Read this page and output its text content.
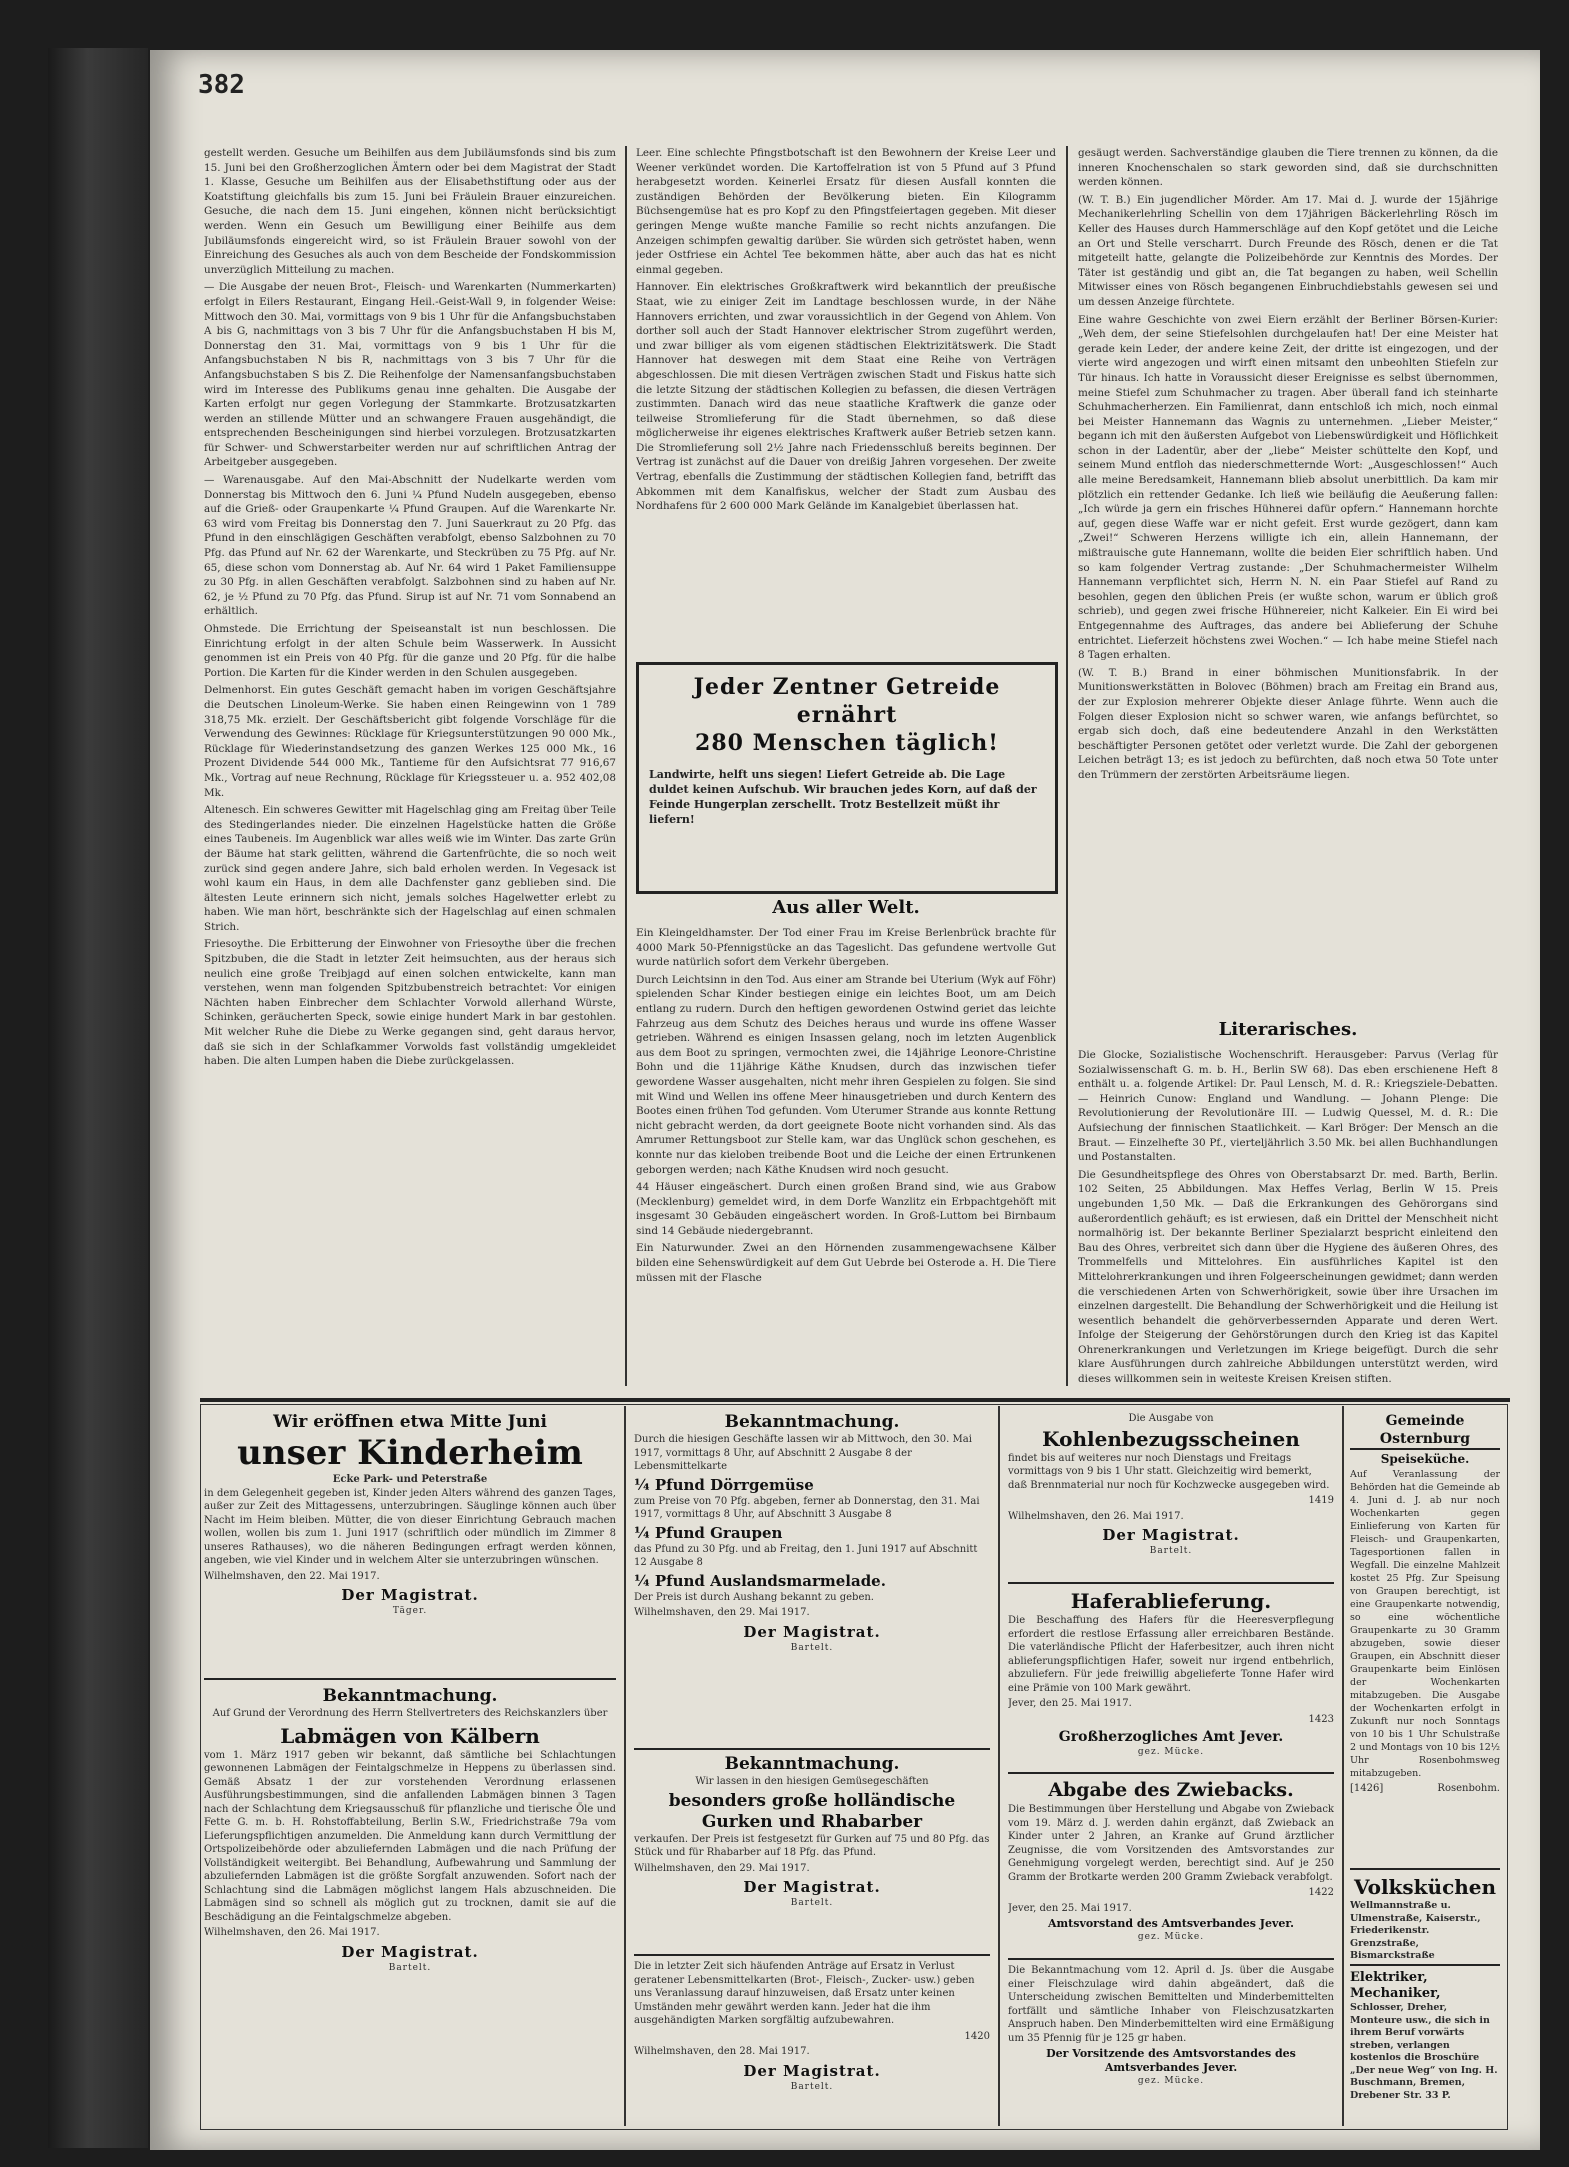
382

gestellt werden. Gesuche um Beihilfen aus dem Jubiläumsfonds sind bis zum 15. Juni bei den Großherzoglichen Ämtern oder bei dem Magistrat der Stadt 1. Klasse, Gesuche um Beihilfen aus der Elisabethstiftung oder aus der Koatstiftung gleichfalls bis zum 15. Juni bei Fräulein Brauer einzureichen. Gesuche, die nach dem 15. Juni eingehen, können nicht berücksichtigt werden. Wenn ein Gesuch um Bewilligung einer Beihilfe aus dem Jubiläumsfonds eingereicht wird, so ist Fräulein Brauer sowohl von der Einreichung des Gesuches als auch von dem Bescheide der Fondskommission unverzüglich Mitteilung zu machen.

— Die Ausgabe der neuen Brot-, Fleisch- und Warenkarten (Nummerkarten) erfolgt in Eilers Restaurant, Eingang Heil.-Geist-Wall 9, in folgender Weise: Mittwoch den 30. Mai, vormittags von 9 bis 1 Uhr für die Anfangsbuchstaben A bis G, nachmittags von 3 bis 7 Uhr für die Anfangsbuchstaben H bis M, Donnerstag den 31. Mai, vormittags von 9 bis 1 Uhr für die Anfangsbuchstaben N bis R, nachmittags von 3 bis 7 Uhr für die Anfangsbuchstaben S bis Z. Die Reihenfolge der Namensanfangsbuchstaben wird im Interesse des Publikums genau inne gehalten. Die Ausgabe der Karten erfolgt nur gegen Vorlegung der Stammkarte. Brotzusatzkarten werden an stillende Mütter und an schwangere Frauen ausgehändigt, die entsprechenden Bescheinigungen sind hierbei vorzulegen. Brotzusatzkarten für Schwer- und Schwerstarbeiter werden nur auf schriftlichen Antrag der Arbeitgeber ausgegeben.

— Warenausgabe. Auf den Mai-Abschnitt der Nudelkarte werden vom Donnerstag bis Mittwoch den 6. Juni ¼ Pfund Nudeln ausgegeben, ebenso auf die Grieß- oder Graupenkarte ¼ Pfund Graupen. Auf die Warenkarte Nr. 63 wird vom Freitag bis Donnerstag den 7. Juni Sauerkraut zu 20 Pfg. das Pfund in den einschlägigen Geschäften verabfolgt, ebenso Salzbohnen zu 70 Pfg. das Pfund auf Nr. 62 der Warenkarte, und Steckrüben zu 75 Pfg. auf Nr. 65, diese schon vom Donnerstag ab. Auf Nr. 64 wird 1 Paket Familiensuppe zu 30 Pfg. in allen Geschäften verabfolgt. Salzbohnen sind zu haben auf Nr. 62, je ½ Pfund zu 70 Pfg. das Pfund. Sirup ist auf Nr. 71 vom Sonnabend an erhältlich.

Ohmstede. Die Errichtung der Speiseanstalt ist nun beschlossen. Die Einrichtung erfolgt in der alten Schule beim Wasserwerk. In Aussicht genommen ist ein Preis von 40 Pfg. für die ganze und 20 Pfg. für die halbe Portion. Die Karten für die Kinder werden in den Schulen ausgegeben.

Delmenhorst. Ein gutes Geschäft gemacht haben im vorigen Geschäftsjahre die Deutschen Linoleum-Werke. Sie haben einen Reingewinn von 1 789 318,75 Mk. erzielt. Der Geschäftsbericht gibt folgende Vorschläge für die Verwendung des Gewinnes: Rücklage für Kriegsunterstützungen 90 000 Mk., Rücklage für Wiederinstandsetzung des ganzen Werkes 125 000 Mk., 16 Prozent Dividende 544 000 Mk., Tantieme für den Aufsichtsrat 77 916,67 Mk., Vortrag auf neue Rechnung, Rücklage für Kriegssteuer u. a. 952 402,08 Mk.

Altenesch. Ein schweres Gewitter mit Hagelschlag ging am Freitag über Teile des Stedingerlandes nieder. Die einzelnen Hagelstücke hatten die Größe eines Taubeneis. Im Augenblick war alles weiß wie im Winter. Das zarte Grün der Bäume hat stark gelitten, während die Gartenfrüchte, die so noch weit zurück sind gegen andere Jahre, sich bald erholen werden. In Vegesack ist wohl kaum ein Haus, in dem alle Dachfenster ganz geblieben sind. Die ältesten Leute erinnern sich nicht, jemals solches Hagelwetter erlebt zu haben. Wie man hört, beschränkte sich der Hagelschlag auf einen schmalen Strich.

Friesoythe. Die Erbitterung der Einwohner von Friesoythe über die frechen Spitzbuben, die die Stadt in letzter Zeit heimsuchten, aus der heraus sich neulich eine große Treibjagd auf einen solchen entwickelte, kann man verstehen, wenn man folgenden Spitzbubenstreich betrachtet: Vor einigen Nächten haben Einbrecher dem Schlachter Vorwold allerhand Würste, Schinken, geräucherten Speck, sowie einige hundert Mark in bar gestohlen. Mit welcher Ruhe die Diebe zu Werke gegangen sind, geht daraus hervor, daß sie sich in der Schlafkammer Vorwolds fast vollständig umgekleidet haben. Die alten Lumpen haben die Diebe zurückgelassen.

Leer. Eine schlechte Pfingstbotschaft ist den Bewohnern der Kreise Leer und Weener verkündet worden. Die Kartoffelration ist von 5 Pfund auf 3 Pfund herabgesetzt worden. Keinerlei Ersatz für diesen Ausfall konnten die zuständigen Behörden der Bevölkerung bieten. Ein Kilogramm Büchsengemüse hat es pro Kopf zu den Pfingstfeiertagen gegeben. Mit dieser geringen Menge wußte manche Familie so recht nichts anzufangen. Die Anzeigen schimpfen gewaltig darüber. Sie würden sich getröstet haben, wenn jeder Ostfriese ein Achtel Tee bekommen hätte, aber auch das hat es nicht einmal gegeben.

Hannover. Ein elektrisches Großkraftwerk wird bekanntlich der preußische Staat, wie zu einiger Zeit im Landtage beschlossen wurde, in der Nähe Hannovers errichten, und zwar voraussichtlich in der Gegend von Ahlem. Von dorther soll auch der Stadt Hannover elektrischer Strom zugeführt werden, und zwar billiger als vom eigenen städtischen Elektrizitätswerk. Die Stadt Hannover hat deswegen mit dem Staat eine Reihe von Verträgen abgeschlossen. Die mit diesen Verträgen zwischen Stadt und Fiskus hatte sich die letzte Sitzung der städtischen Kollegien zu befassen, die diesen Verträgen zustimmten. Danach wird das neue staatliche Kraftwerk die ganze oder teilweise Stromlieferung für die Stadt übernehmen, so daß diese möglicherweise ihr eigenes elektrisches Kraftwerk außer Betrieb setzen kann. Die Stromlieferung soll 2½ Jahre nach Friedensschluß bereits beginnen. Der Vertrag ist zunächst auf die Dauer von dreißig Jahren vorgesehen. Der zweite Vertrag, ebenfalls die Zustimmung der städtischen Kollegien fand, betrifft das Abkommen mit dem Kanalfiskus, welcher der Stadt zum Ausbau des Nordhafens für 2 600 000 Mark Gelände im Kanalgebiet überlassen hat.

Jeder Zentner Getreide ernährt
280 Menschen täglich!
Landwirte, helft uns siegen! Liefert Getreide ab. Die Lage duldet keinen Aufschub. Wir brauchen jedes Korn, auf daß der Feinde Hungerplan zerschellt. Trotz Bestellzeit müßt ihr liefern!
Aus aller Welt.

Ein Kleingeldhamster. Der Tod einer Frau im Kreise Berlenbrück brachte für 4000 Mark 50-Pfennigstücke an das Tageslicht. Das gefundene wertvolle Gut wurde natürlich sofort dem Verkehr übergeben.

Durch Leichtsinn in den Tod. Aus einer am Strande bei Uterium (Wyk auf Föhr) spielenden Schar Kinder bestiegen einige ein leichtes Boot, um am Deich entlang zu rudern. Durch den heftigen gewordenen Ostwind geriet das leichte Fahrzeug aus dem Schutz des Deiches heraus und wurde ins offene Wasser getrieben. Während es einigen Insassen gelang, noch im letzten Augenblick aus dem Boot zu springen, vermochten zwei, die 14jährige Leonore-Christine Bohn und die 11jährige Käthe Knudsen, durch das inzwischen tiefer gewordene Wasser ausgehalten, nicht mehr ihren Gespielen zu folgen. Sie sind mit Wind und Wellen ins offene Meer hinausgetrieben und durch Kentern des Bootes einen frühen Tod gefunden. Vom Uterumer Strande aus konnte Rettung nicht gebracht werden, da dort geeignete Boote nicht vorhanden sind. Als das Amrumer Rettungsboot zur Stelle kam, war das Unglück schon geschehen, es konnte nur das kieloben treibende Boot und die Leiche der einen Ertrunkenen geborgen werden; nach Käthe Knudsen wird noch gesucht.

44 Häuser eingeäschert. Durch einen großen Brand sind, wie aus Grabow (Mecklenburg) gemeldet wird, in dem Dorfe Wanzlitz ein Erbpachtgehöft mit insgesamt 30 Gebäuden eingeäschert worden. In Groß-Luttom bei Birnbaum sind 14 Gebäude niedergebrannt.

Ein Naturwunder. Zwei an den Hörnenden zusammengewachsene Kälber bilden eine Sehenswürdigkeit auf dem Gut Uebrde bei Osterode a. H. Die Tiere müssen mit der Flasche

gesäugt werden. Sachverständige glauben die Tiere trennen zu können, da die inneren Knochenschalen so stark geworden sind, daß sie durchschnitten werden können.

(W. T. B.) Ein jugendlicher Mörder. Am 17. Mai d. J. wurde der 15jährige Mechanikerlehrling Schellin von dem 17jährigen Bäckerlehrling Rösch im Keller des Hauses durch Hammerschläge auf den Kopf getötet und die Leiche an Ort und Stelle verscharrt. Durch Freunde des Rösch, denen er die Tat mitgeteilt hatte, gelangte die Polizeibehörde zur Kenntnis des Mordes. Der Täter ist geständig und gibt an, die Tat begangen zu haben, weil Schellin Mitwisser eines von Rösch begangenen Einbruchdiebstahls gewesen sei und um dessen Anzeige fürchtete.

Eine wahre Geschichte von zwei Eiern erzählt der Berliner Börsen-Kurier: „Weh dem, der seine Stiefelsohlen durchgelaufen hat! Der eine Meister hat gerade kein Leder, der andere keine Zeit, der dritte ist eingezogen, und der vierte wird angezogen und wirft einen mitsamt den unbeohlten Stiefeln zur Tür hinaus. Ich hatte in Voraussicht dieser Ereignisse es selbst übernommen, meine Stiefel zum Schuhmacher zu tragen. Aber überall fand ich steinharte Schuhmacherherzen. Ein Familienrat, dann entschloß ich mich, noch einmal bei Meister Hannemann das Wagnis zu unternehmen. „Lieber Meister,“ begann ich mit den äußersten Aufgebot von Liebenswürdigkeit und Höflichkeit schon in der Ladentür, aber der „liebe“ Meister schüttelte den Kopf, und seinem Mund entfloh das niederschmetternde Wort: „Ausgeschlossen!“ Auch alle meine Beredsamkeit, Hannemann blieb absolut unerbittlich. Da kam mir plötzlich ein rettender Gedanke. Ich ließ wie beiläufig die Aeußerung fallen: „Ich würde ja gern ein frisches Hühnerei dafür opfern.“ Hannemann horchte auf, gegen diese Waffe war er nicht gefeit. Erst wurde gezögert, dann kam „Zwei!“ Schweren Herzens willigte ich ein, allein Hannemann, der mißtrauische gute Hannemann, wollte die beiden Eier schriftlich haben. Und so kam folgender Vertrag zustande: „Der Schuhmachermeister Wilhelm Hannemann verpflichtet sich, Herrn N. N. ein Paar Stiefel auf Rand zu besohlen, gegen den üblichen Preis (er wußte schon, warum er üblich groß schrieb), und gegen zwei frische Hühnereier, nicht Kalkeier. Ein Ei wird bei Entgegennahme des Auftrages, das andere bei Ablieferung der Schuhe entrichtet. Lieferzeit höchstens zwei Wochen.“ — Ich habe meine Stiefel nach 8 Tagen erhalten.

(W. T. B.) Brand in einer böhmischen Munitionsfabrik. In der Munitionswerkstätten in Bolovec (Böhmen) brach am Freitag ein Brand aus, der zur Explosion mehrerer Objekte dieser Anlage führte. Wenn auch die Folgen dieser Explosion nicht so schwer waren, wie anfangs befürchtet, so ergab sich doch, daß eine bedeutendere Anzahl in den Werkstätten beschäftigter Personen getötet oder verletzt wurde. Die Zahl der geborgenen Leichen beträgt 13; es ist jedoch zu befürchten, daß noch etwa 50 Tote unter den Trümmern der zerstörten Arbeitsräume liegen.

Literarisches.

Die Glocke, Sozialistische Wochenschrift. Herausgeber: Parvus (Verlag für Sozialwissenschaft G. m. b. H., Berlin SW 68). Das eben erschienene Heft 8 enthält u. a. folgende Artikel: Dr. Paul Lensch, M. d. R.: Kriegsziele-Debatten. — Heinrich Cunow: England und Wandlung. — Johann Plenge: Die Revolutionierung der Revolutionäre III. — Ludwig Quessel, M. d. R.: Die Aufsiechung der finnischen Staatlichkeit. — Karl Bröger: Der Mensch an die Braut. — Einzelhefte 30 Pf., vierteljährlich 3.50 Mk. bei allen Buchhandlungen und Postanstalten.

Die Gesundheitspflege des Ohres von Oberstabsarzt Dr. med. Barth, Berlin. 102 Seiten, 25 Abbildungen. Max Heffes Verlag, Berlin W 15. Preis ungebunden 1,50 Mk. — Daß die Erkrankungen des Gehörorgans sind außerordentlich gehäuft; es ist erwiesen, daß ein Drittel der Menschheit nicht normalhörig ist. Der bekannte Berliner Spezialarzt bespricht einleitend den Bau des Ohres, verbreitet sich dann über die Hygiene des äußeren Ohres, des Trommelfells und Mittelohres. Ein ausführliches Kapitel ist den Mittelohrerkrankungen und ihren Folgeerscheinungen gewidmet; dann werden die verschiedenen Arten von Schwerhörigkeit, sowie über ihre Ursachen im einzelnen dargestellt. Die Behandlung der Schwerhörigkeit und die Heilung ist wesentlich behandelt die gehörverbessernden Apparate und deren Wert. Infolge der Steigerung der Gehörstörungen durch den Krieg ist das Kapitel Ohrenerkrankungen und Verletzungen im Kriege beigefügt. Durch die sehr klare Ausführungen durch zahlreiche Abbildungen unterstützt werden, wird dieses willkommen sein in weiteste Kreisen Kreisen stiften.

Wir eröffnen etwa Mitte Juni
unser Kinderheim
Ecke Park- und Peterstraße

in dem Gelegenheit gegeben ist, Kinder jeden Alters während des ganzen Tages, außer zur Zeit des Mittagessens, unterzubringen. Säuglinge können auch über Nacht im Heim bleiben. Mütter, die von dieser Einrichtung Gebrauch machen wollen, wollen bis zum 1. Juni 1917 (schriftlich oder mündlich im Zimmer 8 unseres Rathauses), wo die näheren Bedingungen erfragt werden können, angeben, wie viel Kinder und in welchem Alter sie unterzubringen wünschen.

Wilhelmshaven, den 22. Mai 1917.

Der Magistrat.
Täger.
Bekanntmachung.

Auf Grund der Verordnung des Herrn Stellvertreters des Reichskanzlers über

Labmägen von Kälbern

vom 1. März 1917 geben wir bekannt, daß sämtliche bei Schlachtungen gewonnenen Labmägen der Feintalgschmelze in Heppens zu überlassen sind. Gemäß Absatz 1 der zur vorstehenden Verordnung erlassenen Ausführungsbestimmungen, sind die anfallenden Labmägen binnen 3 Tagen nach der Schlachtung dem Kriegsausschuß für pflanzliche und tierische Öle und Fette G. m. b. H. Rohstoffabteilung, Berlin S.W., Friedrichstraße 79a vom Lieferungspflichtigen anzumelden. Die Anmeldung kann durch Vermittlung der Ortspolizeibehörde oder abzuliefernden Labmägen und die nach Prüfung der Vollständigkeit weitergibt. Bei Behandlung, Aufbewahrung und Sammlung der abzuliefernden Labmägen ist die größte Sorgfalt anzuwenden. Sofort nach der Schlachtung sind die Labmägen möglichst langem Hals abzuschneiden. Die Labmägen sind so schnell als möglich gut zu trocknen, damit sie auf die Beschädigung an die Feintalgschmelze abgeben.

Wilhelmshaven, den 26. Mai 1917.

Der Magistrat.
Bartelt.
Bekanntmachung.

Durch die hiesigen Geschäfte lassen wir ab Mittwoch, den 30. Mai 1917, vormittags 8 Uhr, auf Abschnitt 2 Ausgabe 8 der Lebensmittelkarte

¼ Pfund Dörrgemüse

zum Preise von 70 Pfg. abgeben, ferner ab Donnerstag, den 31. Mai 1917, vormittags 8 Uhr, auf Abschnitt 3 Ausgabe 8

¼ Pfund Graupen

das Pfund zu 30 Pfg. und ab Freitag, den 1. Juni 1917 auf Abschnitt 12 Ausgabe 8

¼ Pfund Auslandsmarmelade.

Der Preis ist durch Aushang bekannt zu geben.

Wilhelmshaven, den 29. Mai 1917.

Der Magistrat.
Bartelt.
Bekanntmachung.

Wir lassen in den hiesigen Gemüsegeschäften

besonders große holländische Gurken und Rhabarber

verkaufen. Der Preis ist festgesetzt für Gurken auf 75 und 80 Pfg. das Stück und für Rhabarber auf 18 Pfg. das Pfund.

Wilhelmshaven, den 29. Mai 1917.

Der Magistrat.
Bartelt.

Die in letzter Zeit sich häufenden Anträge auf Ersatz in Verlust geratener Lebensmittelkarten (Brot-, Fleisch-, Zucker- usw.) geben uns Veranlassung darauf hinzuweisen, daß Ersatz unter keinen Umständen mehr gewährt werden kann. Jeder hat die ihm ausgehändigten Marken sorgfältig aufzubewahren.

1420

Wilhelmshaven, den 28. Mai 1917.

Der Magistrat.
Bartelt.
Die Ausgabe von
Kohlenbezugsscheinen

findet bis auf weiteres nur noch Dienstags und Freitags vormittags von 9 bis 1 Uhr statt. Gleichzeitig wird bemerkt, daß Brennmaterial nur noch für Kochzwecke ausgegeben wird.

1419

Wilhelmshaven, den 26. Mai 1917.

Der Magistrat.
Bartelt.
Haferablieferung.

Die Beschaffung des Hafers für die Heeresverpflegung erfordert die restlose Erfassung aller erreichbaren Bestände. Die vaterländische Pflicht der Haferbesitzer, auch ihren nicht ablieferungspflichtigen Hafer, soweit nur irgend entbehrlich, abzuliefern. Für jede freiwillig abgelieferte Tonne Hafer wird eine Prämie von 100 Mark gewährt.

Jever, den 25. Mai 1917.

1423

Großherzogliches Amt Jever.
gez. Mücke.
Abgabe des Zwiebacks.

Die Bestimmungen über Herstellung und Abgabe von Zwieback vom 19. März d. J. werden dahin ergänzt, daß Zwieback an Kinder unter 2 Jahren, an Kranke auf Grund ärztlicher Zeugnisse, die vom Vorsitzenden des Amtsvorstandes zur Genehmigung vorgelegt werden, berechtigt sind. Auf je 250 Gramm der Brotkarte werden 200 Gramm Zwieback verabfolgt.

1422

Jever, den 25. Mai 1917.

Amtsvorstand des Amtsverbandes Jever.
gez. Mücke.

Die Bekanntmachung vom 12. April d. Js. über die Ausgabe einer Fleischzulage wird dahin abgeändert, daß die Unterscheidung zwischen Bemittelten und Minderbemittelten fortfällt und sämtliche Inhaber von Fleischzusatzkarten Anspruch haben. Den Minderbemittelten wird eine Ermäßigung um 35 Pfennig für je 125 gr haben.

Der Vorsitzende des Amtsvorstandes des Amtsverbandes Jever.
gez. Mücke.
Gemeinde Osternburg
Speiseküche.

Auf Veranlassung der Behörden hat die Gemeinde ab 4. Juni d. J. ab nur noch Wochenkarten gegen Einlieferung von Karten für Fleisch- und Graupenkarten, Tagesportionen fallen in Wegfall. Die einzelne Mahlzeit kostet 25 Pfg. Zur Speisung von Graupen berechtigt, ist eine Graupenkarte notwendig, so eine wöchentliche Graupenkarte zu 30 Gramm abzugeben, sowie dieser Graupen, ein Abschnitt dieser Graupenkarte beim Einlösen der Wochenkarten mitabzugeben. Die Ausgabe der Wochenkarten erfolgt in Zukunft nur noch Sonntags von 10 bis 1 Uhr Schulstraße 2 und Montags von 10 bis 12½ Uhr Rosenbohmsweg mitabzugeben.

[1426]	Rosenbohm.
Volksküchen

Wellmannstraße u. Ulmenstraße, Kaiserstr., Friederikenstr. Grenzstraße, Bismarckstraße

Elektriker, Mechaniker,

Schlosser, Dreher, Monteure usw., die sich in ihrem Beruf vorwärts streben, verlangen kostenlos die Broschüre „Der neue Weg“ von Ing. H. Buschmann, Bremen, Drebener Str. 33 P.
